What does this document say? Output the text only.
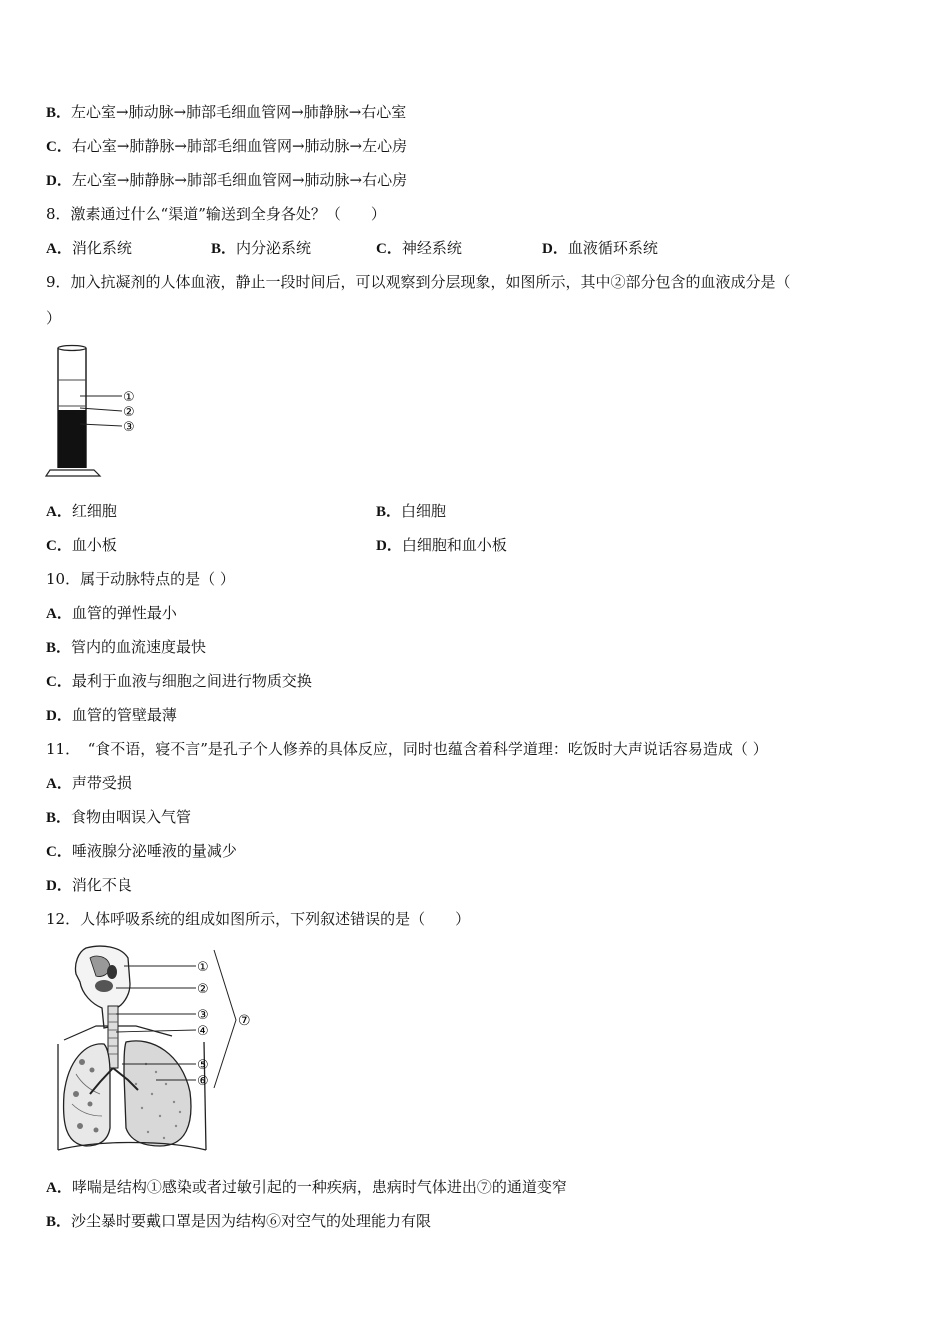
B．左心室→肺动脉→肺部毛细血管网→肺静脉→右心室
C．右心室→肺静脉→肺部毛细血管网→肺动脉→左心房
D．左心室→肺静脉→肺部毛细血管网→肺动脉→右心房
8．激素通过什么“渠道”输送到全身各处？（　　）
A．消化系统	B．内分泌系统	C．神经系统	D．血液循环系统
9．加入抗凝剂的人体血液，静止一段时间后，可以观察到分层现象，如图所示，其中②部分包含的血液成分是（
）
①
②
③
A．红细胞	B．白细胞
C．血小板	D．白细胞和血小板
10．属于动脉特点的是（ ）
A．血管的弹性最小
B．管内的血流速度最快
C．最利于血液与细胞之间进行物质交换
D．血管的管壁最薄
11．　“食不语，寝不言”是孔子个人修养的具体反应，同时也蕴含着科学道理：吃饭时大声说话容易造成（ ）
A．声带受损
B．食物由咽误入气管
C．唾液腺分泌唾液的量减少
D．消化不良
12．人体呼吸系统的组成如图所示，下列叙述错误的是（　　）
①
②
③
④
⑤
⑥
⑦
A．哮喘是结构①感染或者过敏引起的一种疾病，患病时气体进出⑦的通道变窄
B．沙尘暴时要戴口罩是因为结构⑥对空气的处理能力有限
